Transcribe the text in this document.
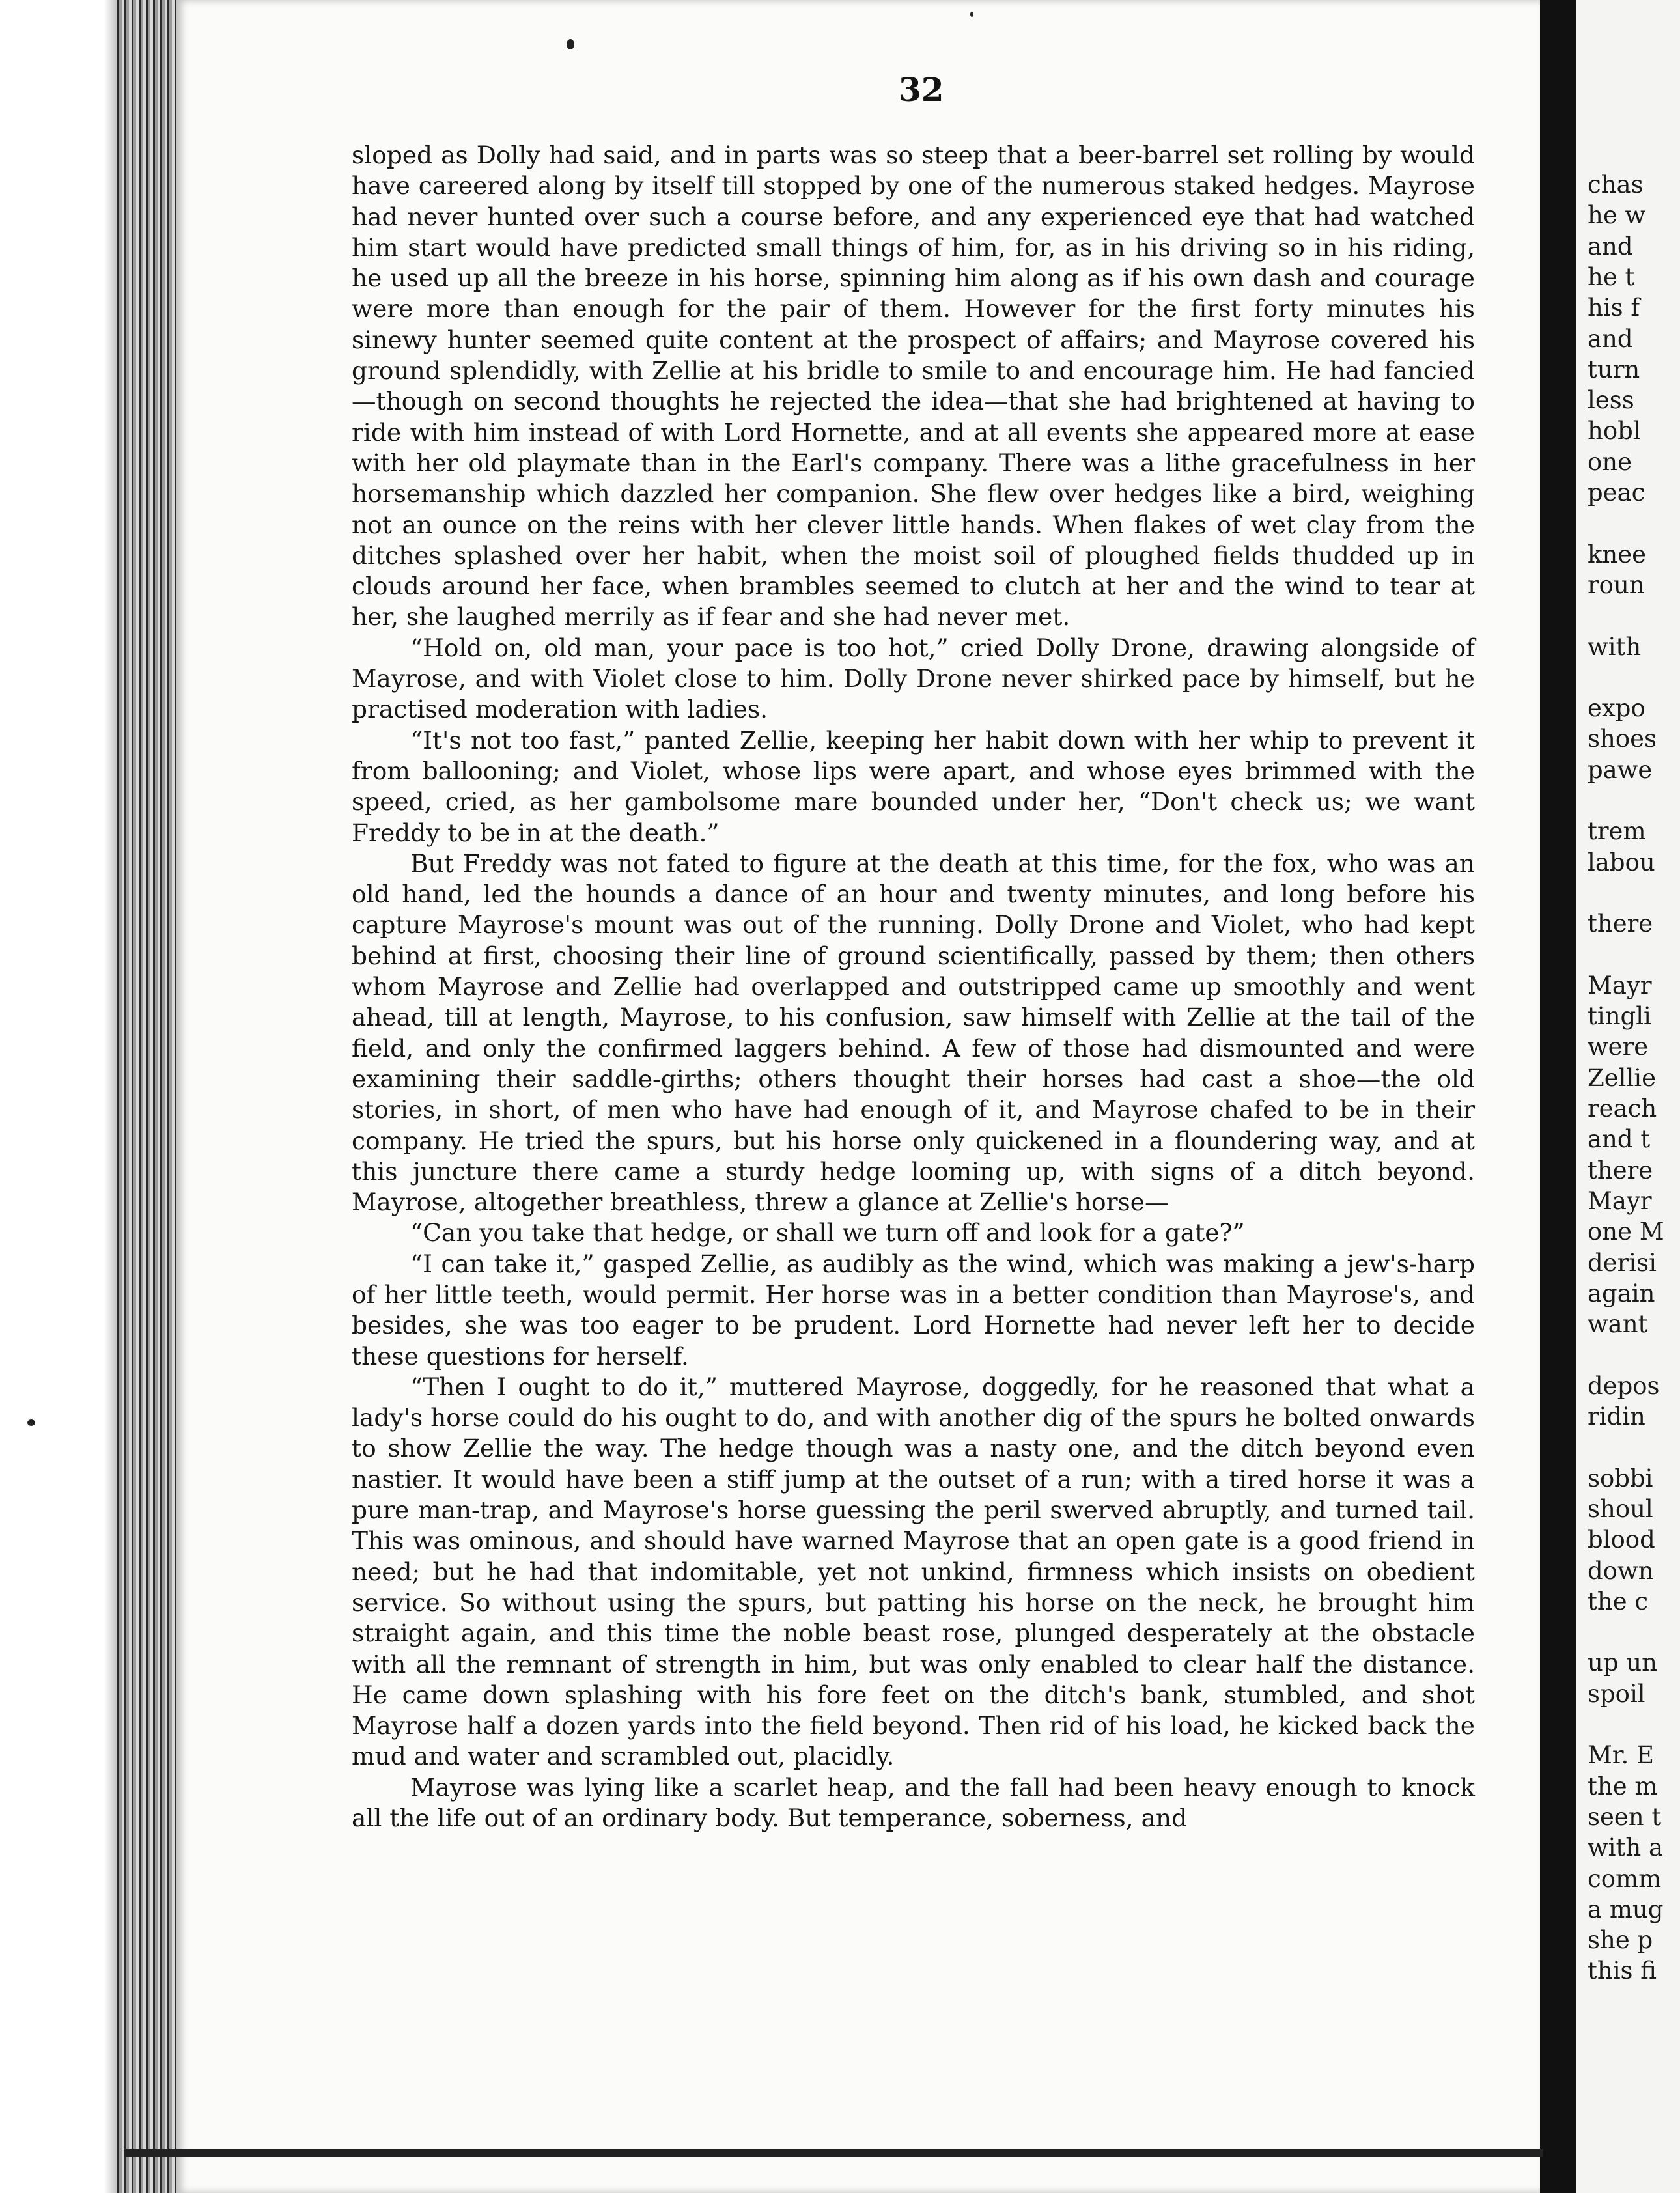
32

sloped as Dolly had said, and in parts was so steep that a beer-barrel set rolling by would have careered along by itself till stopped by one of the numerous staked hedges. Mayrose had never hunted over such a course before, and any experienced eye that had watched him start would have predicted small things of him, for, as in his driving so in his riding, he used up all the breeze in his horse, spinning him along as if his own dash and courage were more than enough for the pair of them. However for the first forty minutes his sinewy hunter seemed quite content at the prospect of affairs; and Mayrose covered his ground splendidly, with Zellie at his bridle to smile to and encourage him. He had fancied—though on second thoughts he rejected the idea—that she had brightened at having to ride with him instead of with Lord Hornette, and at all events she appeared more at ease with her old playmate than in the Earl's company. There was a lithe gracefulness in her horsemanship which dazzled her companion. She flew over hedges like a bird, weighing not an ounce on the reins with her clever little hands. When flakes of wet clay from the ditches splashed over her habit, when the moist soil of ploughed fields thudded up in clouds around her face, when brambles seemed to clutch at her and the wind to tear at her, she laughed merrily as if fear and she had never met.

“Hold on, old man, your pace is too hot,” cried Dolly Drone, drawing alongside of Mayrose, and with Violet close to him. Dolly Drone never shirked pace by himself, but he practised moderation with ladies.

“It's not too fast,” panted Zellie, keeping her habit down with her whip to prevent it from ballooning; and Violet, whose lips were apart, and whose eyes brimmed with the speed, cried, as her gambolsome mare bounded under her, “Don't check us; we want Freddy to be in at the death.”

But Freddy was not fated to figure at the death at this time, for the fox, who was an old hand, led the hounds a dance of an hour and twenty minutes, and long before his capture Mayrose's mount was out of the running. Dolly Drone and Violet, who had kept behind at first, choosing their line of ground scientifically, passed by them; then others whom Mayrose and Zellie had overlapped and outstripped came up smoothly and went ahead, till at length, Mayrose, to his confusion, saw himself with Zellie at the tail of the field, and only the confirmed laggers behind. A few of those had dismounted and were examining their saddle-girths; others thought their horses had cast a shoe—the old stories, in short, of men who have had enough of it, and Mayrose chafed to be in their company. He tried the spurs, but his horse only quickened in a floundering way, and at this juncture there came a sturdy hedge looming up, with signs of a ditch beyond. Mayrose, altogether breathless, threw a glance at Zellie's horse—

“Can you take that hedge, or shall we turn off and look for a gate?”

“I can take it,” gasped Zellie, as audibly as the wind, which was making a jew's-harp of her little teeth, would permit. Her horse was in a better condition than Mayrose's, and besides, she was too eager to be prudent. Lord Hornette had never left her to decide these questions for herself.

“Then I ought to do it,” muttered Mayrose, doggedly, for he reasoned that what a lady's horse could do his ought to do, and with another dig of the spurs he bolted onwards to show Zellie the way. The hedge though was a nasty one, and the ditch beyond even nastier. It would have been a stiff jump at the outset of a run; with a tired horse it was a pure man-trap, and Mayrose's horse guessing the peril swerved abruptly, and turned tail. This was ominous, and should have warned Mayrose that an open gate is a good friend in need; but he had that indomitable, yet not unkind, firmness which insists on obedient service. So without using the spurs, but patting his horse on the neck, he brought him straight again, and this time the noble beast rose, plunged desperately at the obstacle with all the remnant of strength in him, but was only enabled to clear half the distance. He came down splashing with his fore feet on the ditch's bank, stumbled, and shot Mayrose half a dozen yards into the field beyond. Then rid of his load, he kicked back the mud and water and scrambled out, placidly.

Mayrose was lying like a scarlet heap, and the fall had been heavy enough to knock all the life out of an ordinary body. But temperance, soberness, and

chas
he w
and
he t
his f
and
turn
less
hobl
one
peac
knee
roun
with
expo
shoes
pawe
trem
labou
there
Mayr
tingli
were
Zellie
reach
and t
there
Mayr
one M
derisi
again
want
depos
ridin
sobbi
shoul
blood
down
the c
up un
spoil
Mr. E
the m
seen t
with a
comm
a mug
she p
this fi
